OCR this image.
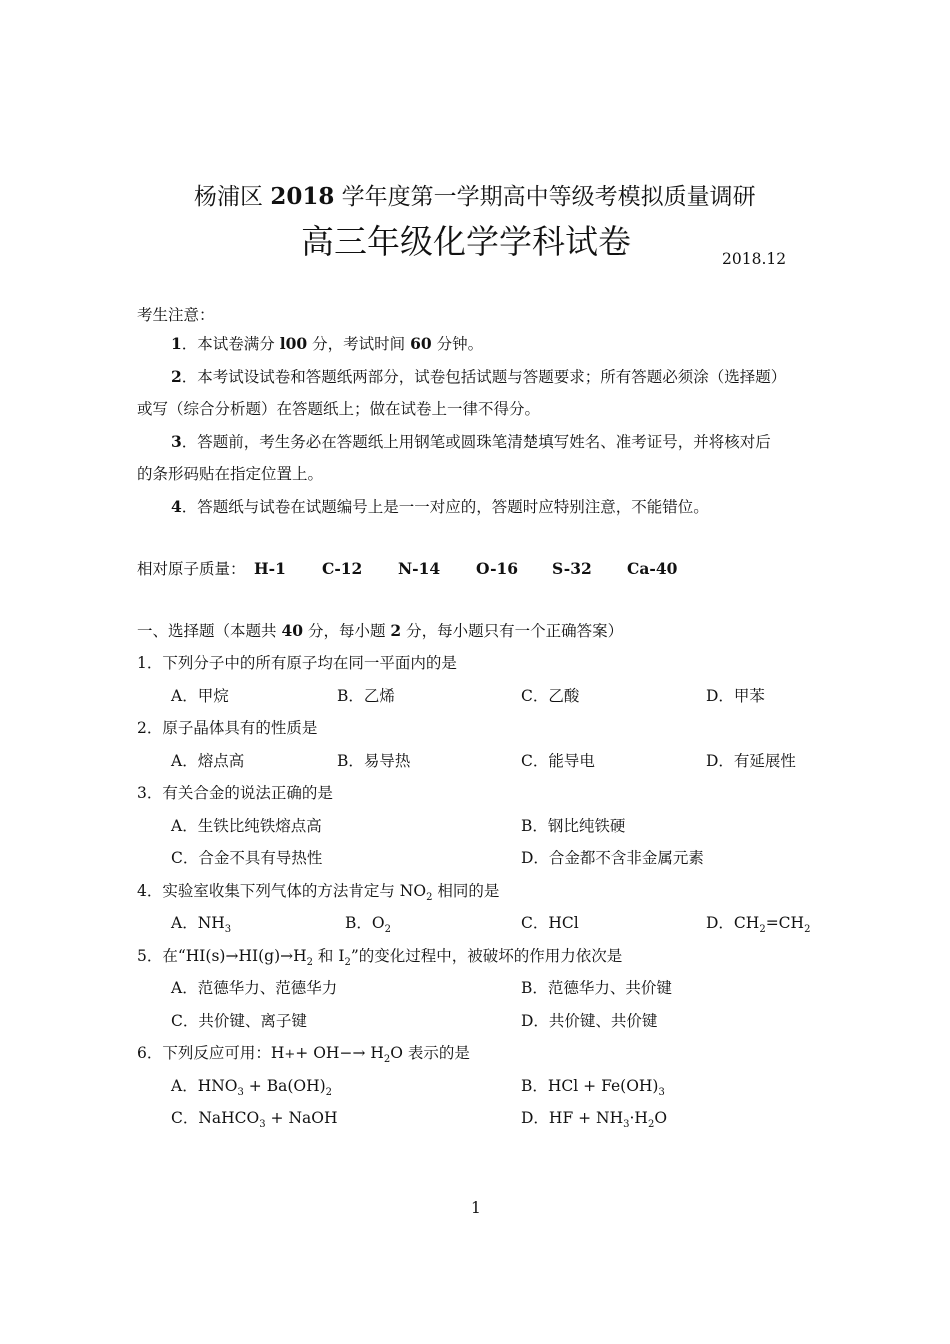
杨浦区 2018 学年度第一学期高中等级考模拟质量调研
高三年级化学学科试卷	2018.12
考生注意：
1．本试卷满分 l00 分，考试时间 60 分钟。
2．本考试设试卷和答题纸两部分，试卷包括试题与答题要求；所有答题必须涂（选择题）
或写（综合分析题）在答题纸上；做在试卷上一律不得分。
3．答题前，考生务必在答题纸上用钢笔或圆珠笔清楚填写姓名、准考证号，并将核对后
的条形码贴在指定位置上。
4．答题纸与试卷在试题编号上是一一对应的，答题时应特别注意，不能错位。
相对原子质量： H-1 C-12 N-14 O-16 S-32 Ca-40
一、选择题（本题共 40 分，每小题 2 分，每小题只有一个正确答案）
1．下列分子中的所有原子均在同一平面内的是
A．甲烷	B．乙烯	C．乙酸	D．甲苯
2．原子晶体具有的性质是
A．熔点高	B．易导热	C．能导电	D．有延展性
3．有关合金的说法正确的是
A．生铁比纯铁熔点高	B．钢比纯铁硬
C．合金不具有导热性	D．合金都不含非金属元素
4．实验室收集下列气体的方法肯定与 $NO_2$ 相同的是
A．$NH_3$	B．$O_2$	C．HCl	D．$CH_2=CH_2$
5．在“$HI(s)\to HI(g)\to H_2$ 和 $I_2$”的变化过程中，被破坏的作用力依次是
A．范德华力、范德华力	B．范德华力、共价键
C．共价键、离子键	D．共价键、共价键
6．下列反应可用：$H++ OH-\to H_2O$ 表示的是
A．$HNO_3 + Ba(OH)_2$	B．HCl + $Fe(OH)_3$
C．NaHCO$_3$ + NaOH	D．HF + $NH_3\cdot H_2O$
1
